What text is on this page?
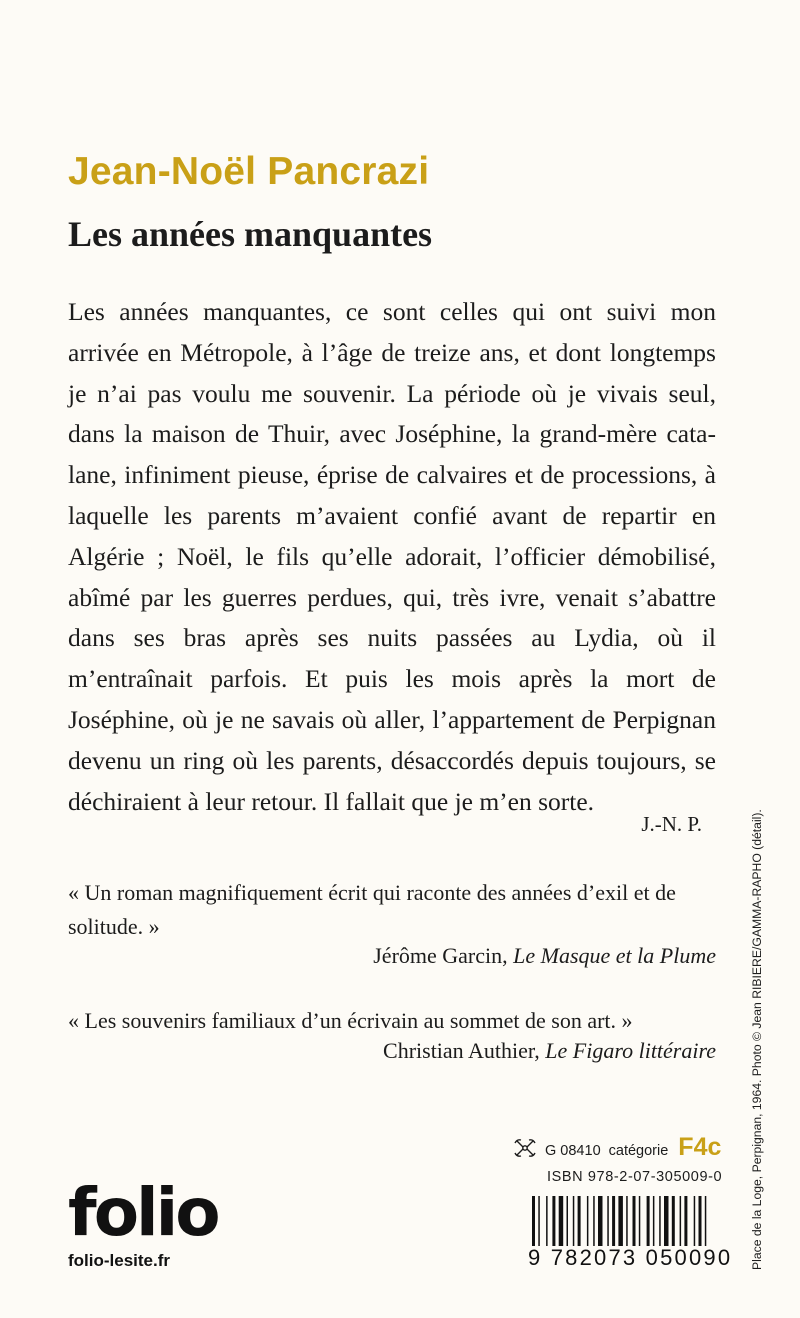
Jean-Noël Pancrazi
Les années manquantes

Les années manquantes, ce sont celles qui ont suivi mon arrivée en Métropole, à l’âge de treize ans, et dont longtemps je n’ai pas voulu me souvenir. La période où je vivais seul, dans la maison de Thuir, avec Joséphine, la grand-mère catalane, infiniment pieuse, éprise de calvaires et de processions, à laquelle les parents m’avaient confié avant de repartir en Algérie ; Noël, le fils qu’elle adorait, l’officier démobilisé, abîmé par les guerres perdues, qui, très ivre, venait s’abattre dans ses bras après ses nuits passées au Lydia, où il m’entraînait parfois. Et puis les mois après la mort de Joséphine, où je ne savais où aller, l’appartement de Perpignan devenu un ring où les parents, désaccordés depuis toujours, se déchiraient à leur retour. Il fallait que je m’en sorte.

J.-N. P.

« Un roman magnifiquement écrit qui raconte des années d’exil et de solitude. »

Jérôme Garcin, Le Masque et la Plume

« Les souvenirs familiaux d’un écrivain au sommet de son art. »

Christian Authier, Le Figaro littéraire

folio
folio-lesite.fr
G 08410 catégorie F4c
ISBN 978-2-07-305009-0
9 782073 050090 Place de la Loge, Perpignan, 1964. Photo © Jean RIBIERE/GAMMA-RAPHO (détail).
